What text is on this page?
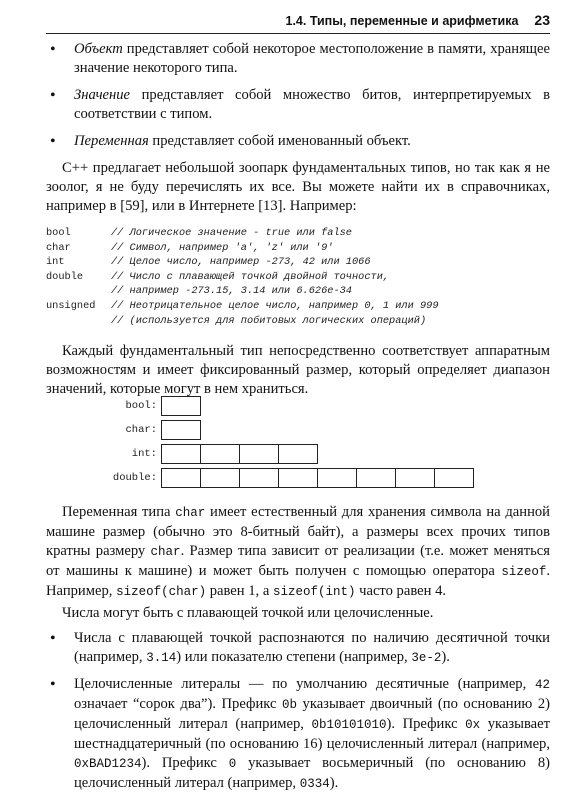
1.4. Типы, переменные и арифметика 23
• Объект представляет собой некоторое местоположение в памяти, хранящее значение некоторого типа.
• Значение представляет собой множество битов, интерпретируемых в соответствии с типом.
• Переменная представляет собой именованный объект.

C++ предлагает небольшой зоопарк фундаментальных типов, но так как я не зоолог, я не буду перечислять их все. Вы можете найти их в справочниках, например в [59], или в Интернете [13]. Например:

bool	// Логическое значение - true или false
char	// Символ, например 'a', 'z' или '9'
int	// Целое число, например -273, 42 или 1066
double	// Число с плавающей точкой двойной точности,
// например -273.15, 3.14 или 6.626e-34
unsigned	// Неотрицательное целое число, например 0, 1 или 999
// (используется для побитовых логических операций)

Каждый фундаментальный тип непосредственно соответствует аппаратным возможностям и имеет фиксированный размер, который определяет диапазон значений, которые могут в нем храниться.

bool:
char:
int:
double:

Переменная типа char имеет естественный для хранения символа на данной машине размер (обычно это 8-битный байт), а размеры всех прочих типов кратны размеру char. Размер типа зависит от реализации (т.е. может меняться от машины к машине) и может быть получен с помощью оператора sizeof. Например, sizeof(char) равен 1, а sizeof(int) часто равен 4.

Числа могут быть с плавающей точкой или целочисленные.

• Числа с плавающей точкой распознаются по наличию десятичной точки (например, 3.14) или показателю степени (например, 3e-2).
• Целочисленные литералы — по умолчанию десятичные (например, 42 означает “сорок два”). Префикс 0b указывает двоичный (по основанию 2) целочисленный литерал (например, 0b10101010). Префикс 0x указывает шестнадцатеричный (по основанию 16) целочисленный литерал (например, 0xBAD1234). Префикс 0 указывает восьмеричный (по основанию 8) целочисленный литерал (например, 0334).
